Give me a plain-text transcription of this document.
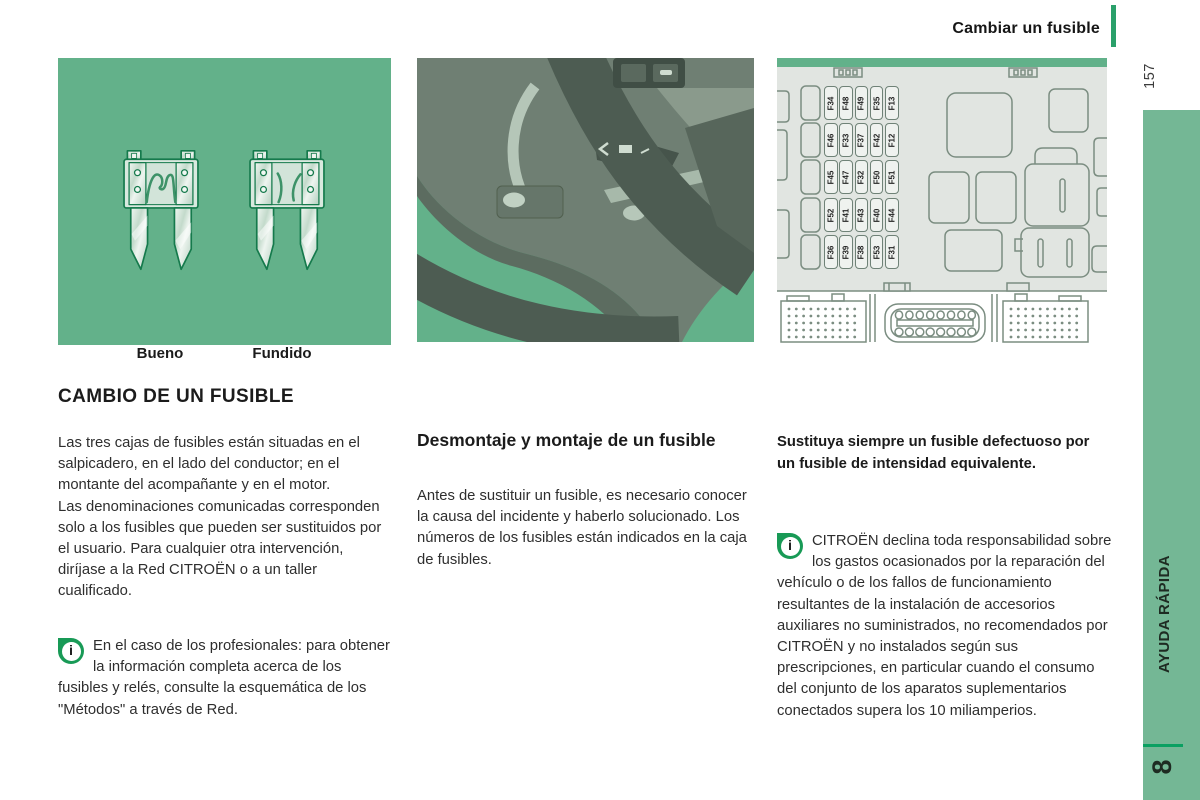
Cambiar un fusible
157
AYUDA RÁPIDA
8
Bueno	Fundido
F34 F48 F49 F35 F13
F46 F33 F37 F42 F12
F45 F47 F32 F50 F51
F52 F41 F43 F40 F44
F36 F39 F38 F53 F31
CAMBIO DE UN FUSIBLE

Las tres cajas de fusibles están situadas en el salpicadero, en el lado del conductor; en el montante del acompañante y en el motor.

Las denominaciones comunicadas corresponden solo a los fusibles que pueden ser sustituidos por el usuario. Para cualquier otra intervención, diríjase a la Red CITROËN o a un taller cualificado.

i	En el caso de los profesionales: para obtener la información completa acerca de los fusibles y relés, consulte la esquemática de los "Métodos" a través de Red.
Desmontaje y montaje de un fusible
Antes de sustituir un fusible, es necesario conocer la causa del incidente y haberlo solucionado. Los números de los fusibles están indicados en la caja de fusibles.
Sustituya siempre un fusible defectuoso por un fusible de intensidad equivalente.
i	CITROËN declina toda responsabilidad sobre los gastos ocasionados por la reparación del vehículo o de los fallos de funcionamiento resultantes de la instalación de accesorios auxiliares no suministrados, no recomendados por CITROËN y no instalados según sus prescripciones, en particular cuando el consumo del conjunto de los aparatos suplementarios conectados supera los 10 miliamperios.
